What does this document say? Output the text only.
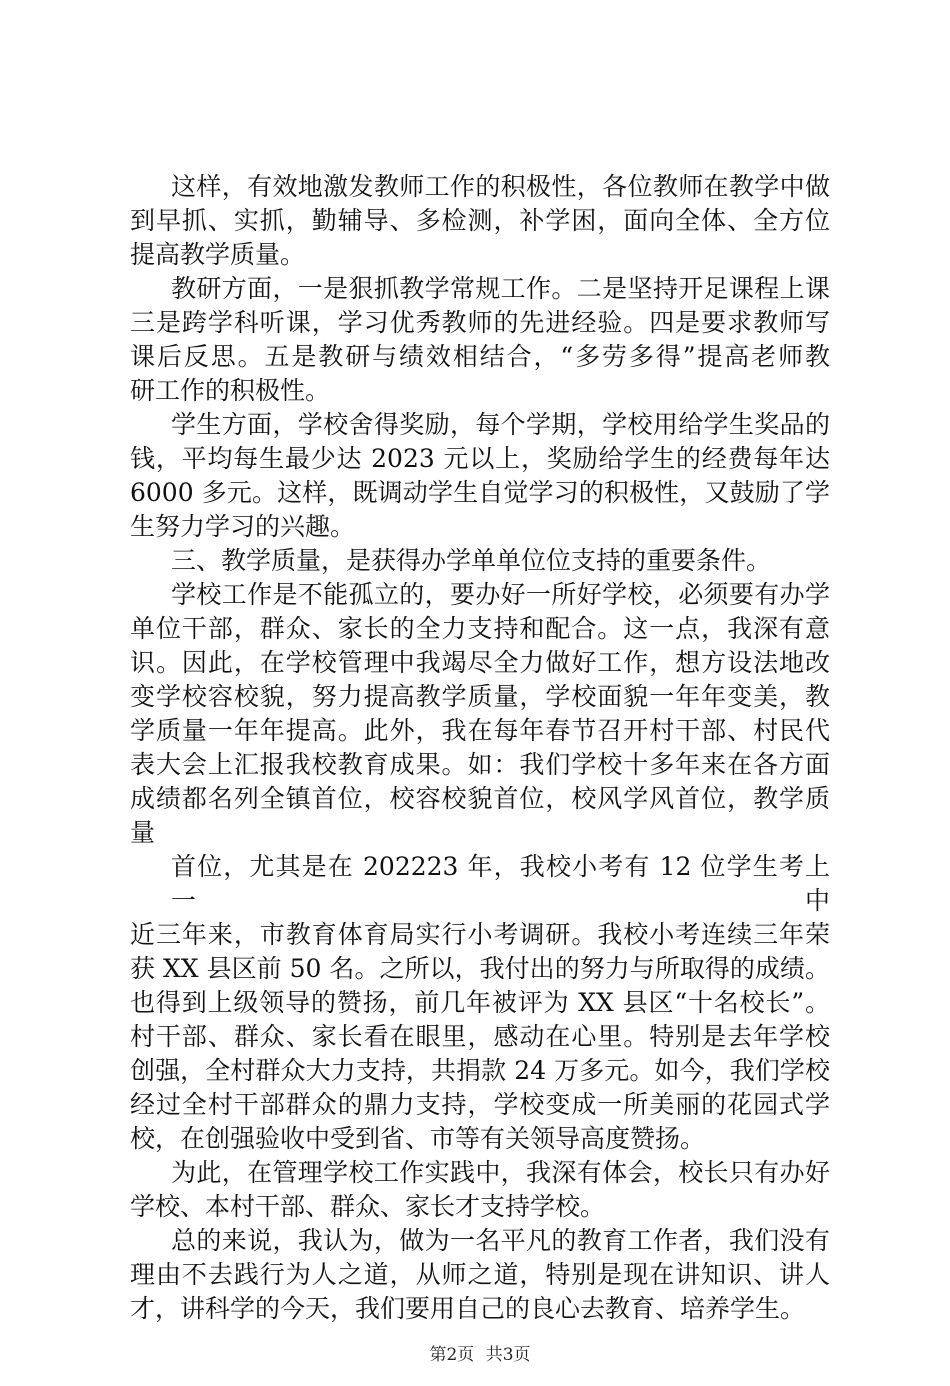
这样，有效地激发教师工作的积极性，各位教师在教学中做
到早抓、实抓，勤辅导、多检测，补学困，面向全体、全方位
提高教学质量。
教研方面，一是狠抓教学常规工作。二是坚持开足课程上课
三是跨学科听课，学习优秀教师的先进经验。四是要求教师写
课后反思。五是教研与绩效相结合，“多劳多得”提高老师教
研工作的积极性。
学生方面，学校舍得奖励，每个学期，学校用给学生奖品的
钱，平均每生最少达 2023 元以上，奖励给学生的经费每年达
6000 多元。这样，既调动学生自觉学习的积极性，又鼓励了学
生努力学习的兴趣。
三、教学质量，是获得办学单单位位支持的重要条件。
学校工作是不能孤立的，要办好一所好学校，必须要有办学
单位干部，群众、家长的全力支持和配合。这一点，我深有意
识。因此，在学校管理中我竭尽全力做好工作，想方设法地改
变学校容校貌，努力提高教学质量，学校面貌一年年变美，教
学质量一年年提高。此外，我在每年春节召开村干部、村民代
表大会上汇报我校教育成果。如：我们学校十多年来在各方面
成绩都名列全镇首位，校容校貌首位，校风学风首位，教学质
量
首位，尤其是在 202223 年，我校小考有 12 位学生考上一中
近三年来，市教育体育局实行小考调研。我校小考连续三年荣
获 XX 县区前 50 名。之所以，我付出的努力与所取得的成绩。
也得到上级领导的赞扬，前几年被评为 XX 县区“十名校长”。
村干部、群众、家长看在眼里，感动在心里。特别是去年学校
创强，全村群众大力支持，共捐款 24 万多元。如今，我们学校
经过全村干部群众的鼎力支持，学校变成一所美丽的花园式学
校，在创强验收中受到省、市等有关领导高度赞扬。
为此，在管理学校工作实践中，我深有体会，校长只有办好
学校、本村干部、群众、家长才支持学校。
总的来说，我认为，做为一名平凡的教育工作者，我们没有
理由不去践行为人之道，从师之道，特别是现在讲知识、讲人
才，讲科学的今天，我们要用自己的良心去教育、培养学生。
第2页 共3页
